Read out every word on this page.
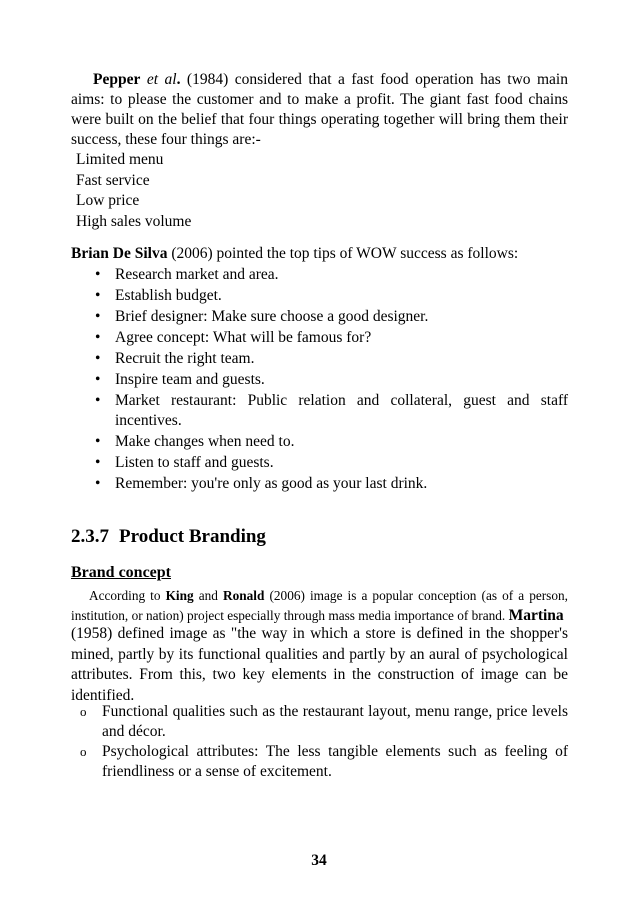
Pepper et al. (1984) considered that a fast food operation has two main aims: to please the customer and to make a profit. The giant fast food chains were built on the belief that four things operating together will bring them their success, these four things are:-
Limited menu
Fast service
Low price
High sales volume
Brian De Silva (2006) pointed the top tips of WOW success as follows:
• Research market and area.
• Establish budget.
• Brief designer: Make sure choose a good designer.
• Agree concept: What will be famous for?
• Recruit the right team.
• Inspire team and guests.
• Market restaurant: Public relation and collateral, guest and staff incentives.
• Make changes when need to.
• Listen to staff and guests.
• Remember: you're only as good as your last drink.
2.3.7 Product Branding
Brand concept
According to King and Ronald (2006) image is a popular conception (as of a person, institution, or nation) project especially through mass media importance of brand. Martina
(1958) defined image as "the way in which a store is defined in the shopper's mined, partly by its functional qualities and partly by an aural of psychological attributes. From this, two key elements in the construction of image can be identified.
o Functional qualities such as the restaurant layout, menu range, price levels and décor.
o Psychological attributes: The less tangible elements such as feeling of friendliness or a sense of excitement.
34
